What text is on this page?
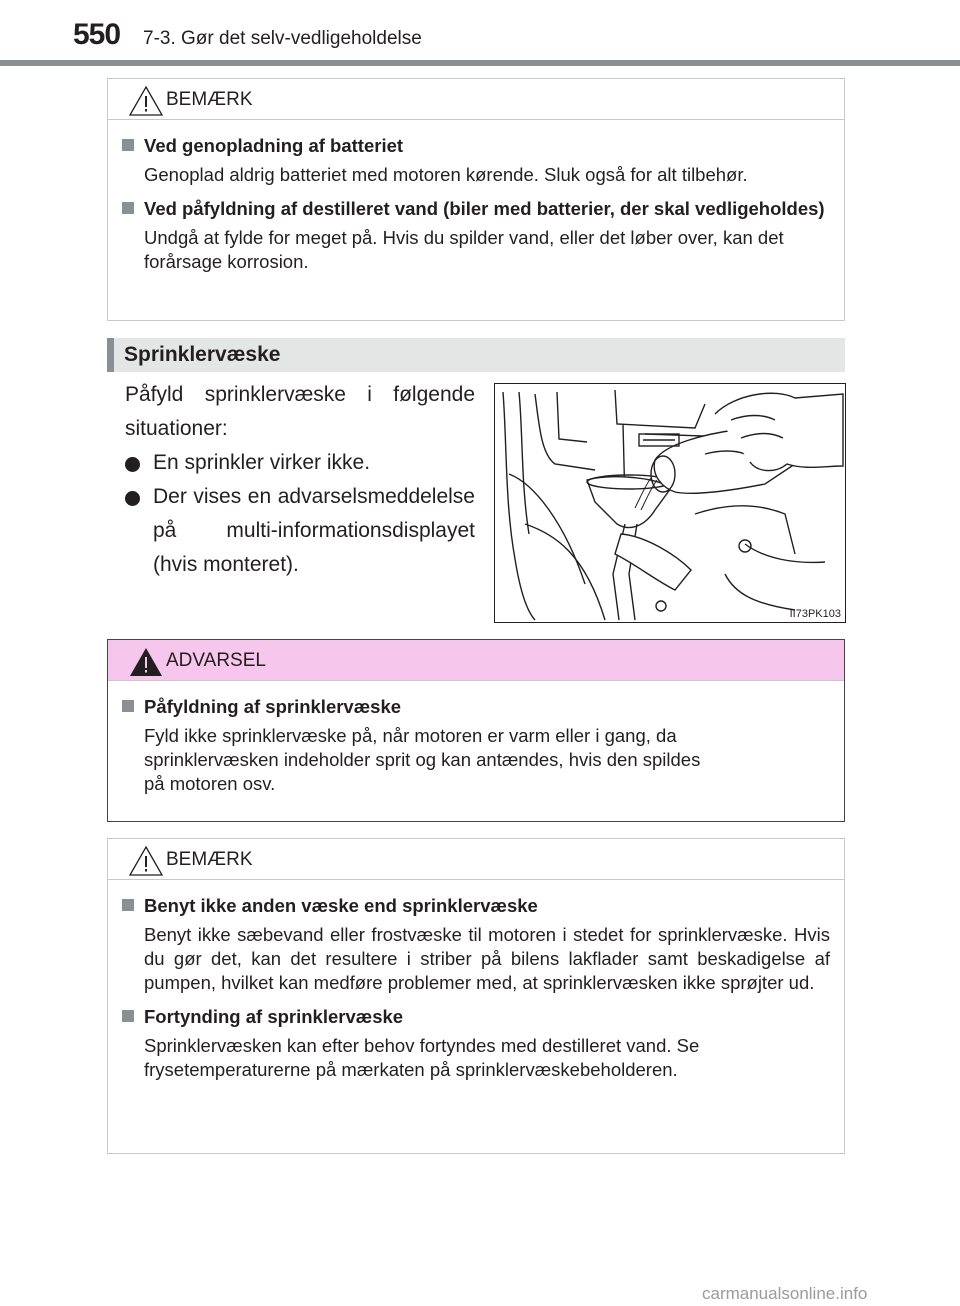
550 7-3. Gør det selv-vedligeholdelse
BEMÆRK
Ved genopladning af batteriet
Genoplad aldrig batteriet med motoren kørende. Sluk også for alt tilbehør.
Ved påfyldning af destilleret vand (biler med batterier, der skal vedligeholdes)
Undgå at fylde for meget på. Hvis du spilder vand, eller det løber over, kan det forårsage korrosion.
Sprinklervæske

Påfyld sprinklervæske i følgende situationer:

En sprinkler virker ikke.

Der vises en advarselsmeddelelse på multi-informationsdisplayet (hvis monteret).

II73PK103
ADVARSEL
Påfyldning af sprinklervæske
Fyld ikke sprinklervæske på, når motoren er varm eller i gang, da sprinklervæsken indeholder sprit og kan antændes, hvis den spildes på motoren osv.
BEMÆRK
Benyt ikke anden væske end sprinklervæske
Benyt ikke sæbevand eller frostvæske til motoren i stedet for sprinklervæske. Hvis du gør det, kan det resultere i striber på bilens lakflader samt beskadigelse af pumpen, hvilket kan medføre problemer med, at sprinklervæsken ikke sprøjter ud.
Fortynding af sprinklervæske
Sprinklervæsken kan efter behov fortyndes med destilleret vand. Se frysetemperaturerne på mærkaten på sprinklervæskebeholderen.
carmanualsonline.info
